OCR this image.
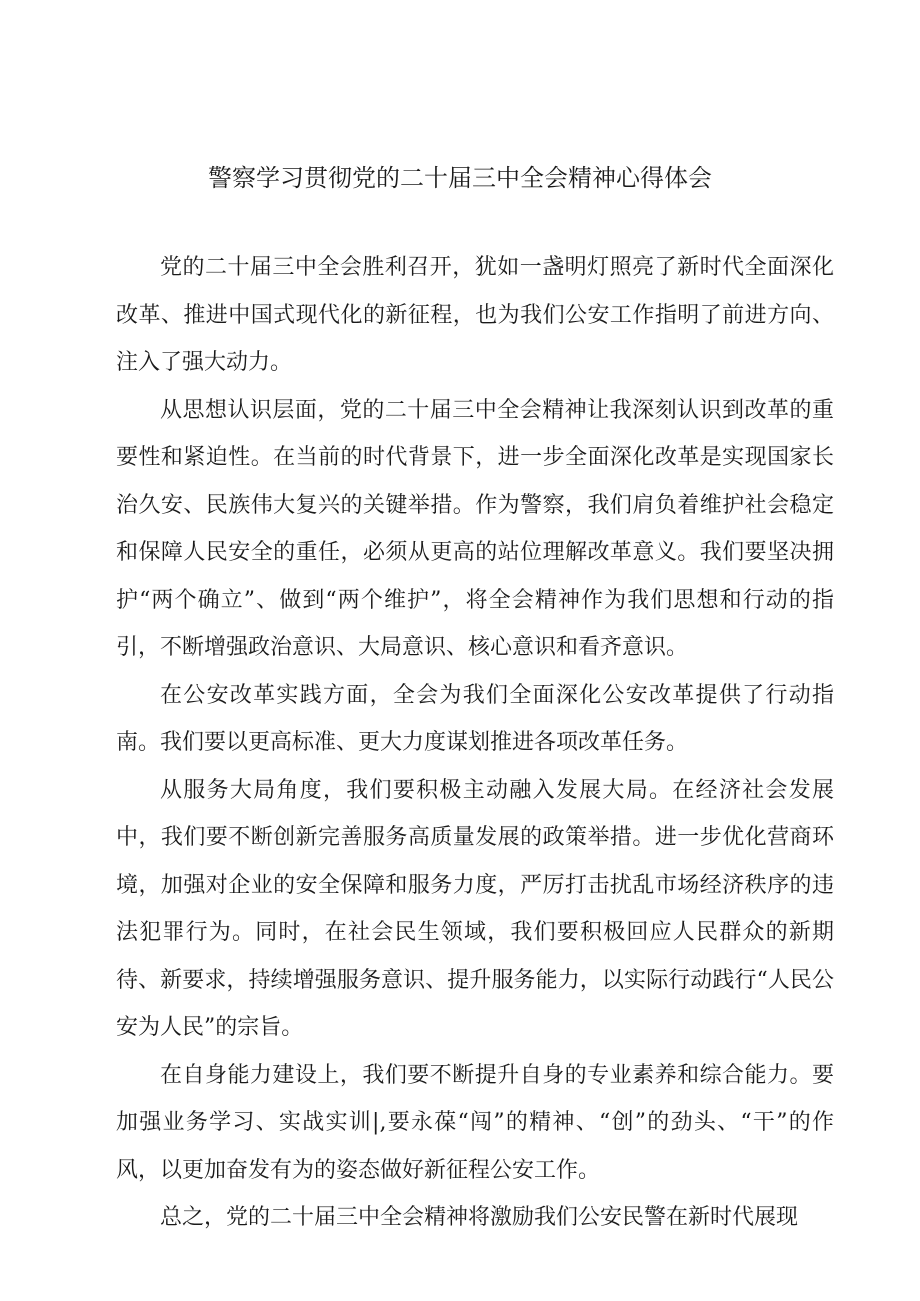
警察学习贯彻党的二十届三中全会精神心得体会

党的二十届三中全会胜利召开，犹如一盏明灯照亮了新时代全面深化改革、推进中国式现代化的新征程，也为我们公安工作指明了前进方向、注入了强大动力。

从思想认识层面，党的二十届三中全会精神让我深刻认识到改革的重要性和紧迫性。在当前的时代背景下，进一步全面深化改革是实现国家长治久安、民族伟大复兴的关键举措。作为警察，我们肩负着维护社会稳定和保障人民安全的重任，必须从更高的站位理解改革意义。我们要坚决拥护“两个确立”、做到“两个维护”，将全会精神作为我们思想和行动的指引，不断增强政治意识、大局意识、核心意识和看齐意识。

在公安改革实践方面，全会为我们全面深化公安改革提供了行动指南。我们要以更高标准、更大力度谋划推进各项改革任务。

从服务大局角度，我们要积极主动融入发展大局。在经济社会发展中，我们要不断创新完善服务高质量发展的政策举措。进一步优化营商环境，加强对企业的安全保障和服务力度，严厉打击扰乱市场经济秩序的违法犯罪行为。同时，在社会民生领域，我们要积极回应人民群众的新期待、新要求，持续增强服务意识、提升服务能力，以实际行动践行“人民公安为人民”的宗旨。

在自身能力建设上，我们要不断提升自身的专业素养和综合能力。要加强业务学习、实战实训|,要永葆“闯”的精神、“创”的劲头、“干”的作风，以更加奋发有为的姿态做好新征程公安工作。

总之，党的二十届三中全会精神将激励我们公安民警在新时代展现
